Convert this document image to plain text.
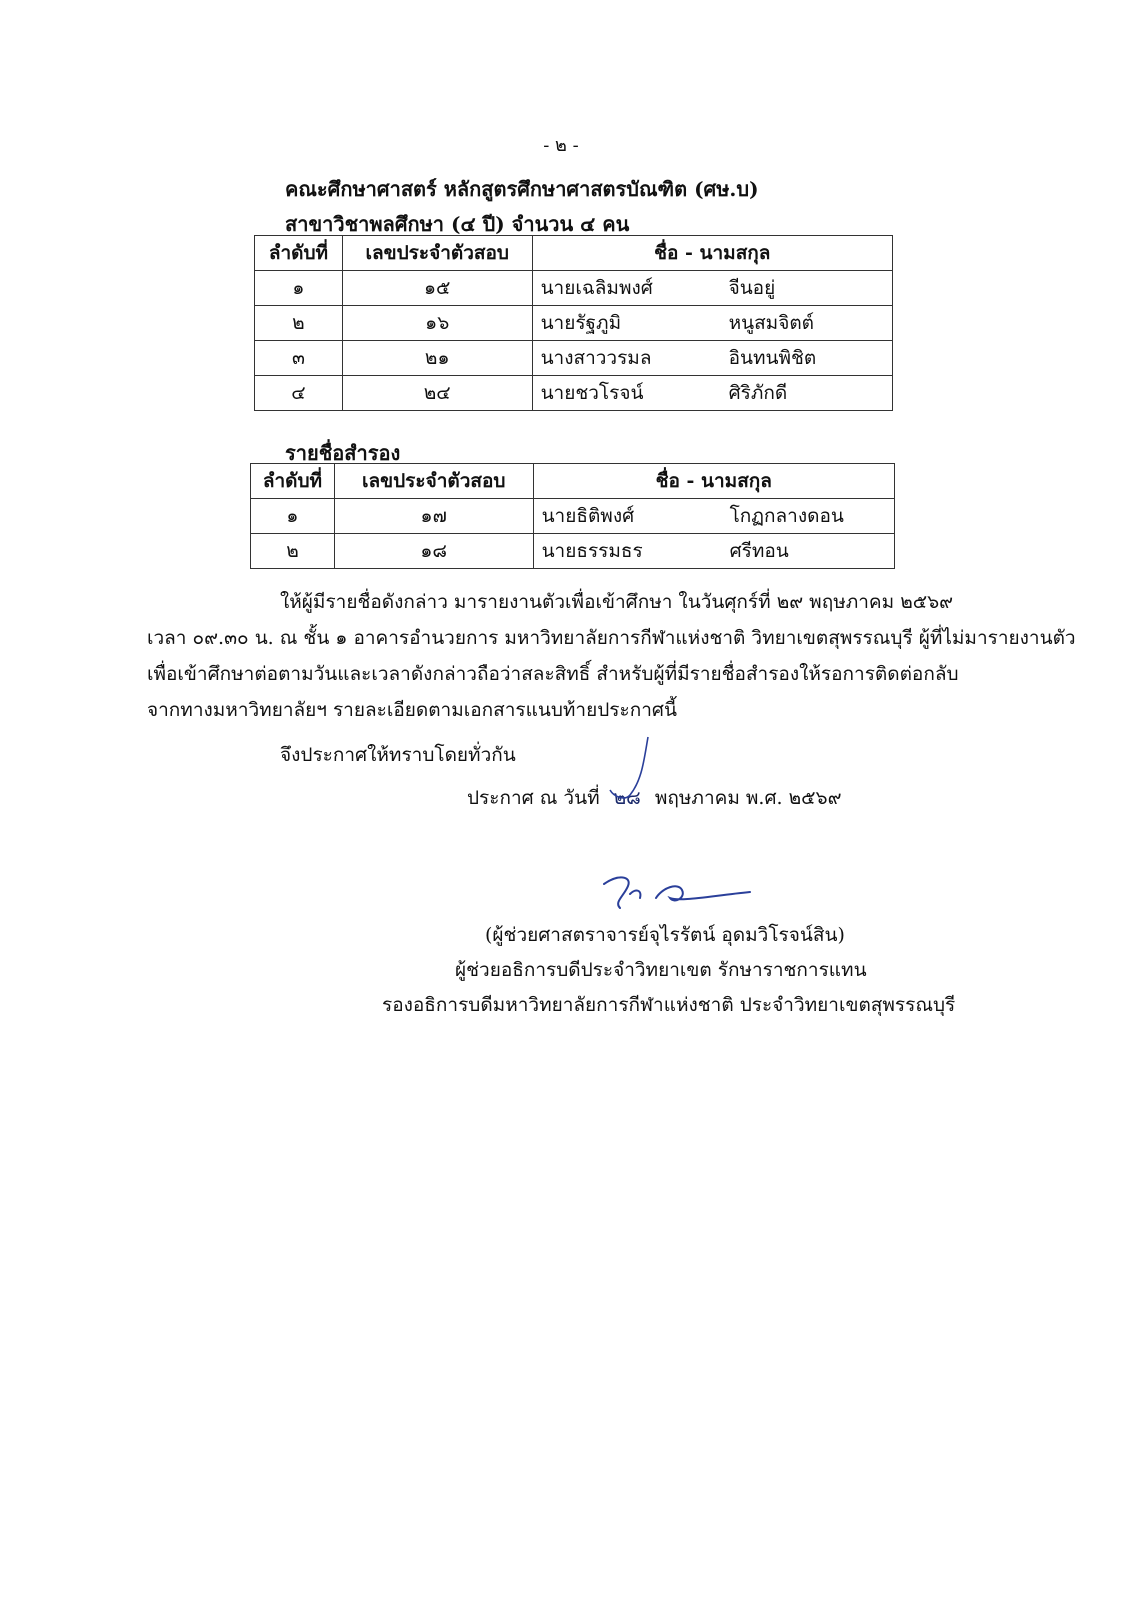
- ๒ -
คณะศึกษาศาสตร์ หลักสูตรศึกษาศาสตรบัณฑิต (ศษ.บ)
สาขาวิชาพลศึกษา (๔ ปี) จำนวน ๔ คน
ลำดับที่	เลขประจำตัวสอบ	ชื่อ - นามสกุล
๑	๑๕	นายเฉลิมพงศ์ จีนอยู่

๒	๑๖	นายรัฐภูมิ หนูสมจิตต์

๓	๒๑	นางสาววรมล อินทนพิชิต

๔	๒๔	นายชวโรจน์ ศิริภักดี
รายชื่อสำรอง
ลำดับที่	เลขประจำตัวสอบ	ชื่อ - นามสกุล
๑	๑๗	นายธิติพงศ์ โกฏกลางดอน

๒	๑๘	นายธรรมธร ศรีทอน
ให้ผู้มีรายชื่อดังกล่าว มารายงานตัวเพื่อเข้าศึกษา ในวันศุกร์ที่ ๒๙ พฤษภาคม ๒๕๖๙
เวลา ๐๙.๓๐ น. ณ ชั้น ๑ อาคารอำนวยการ มหาวิทยาลัยการกีฬาแห่งชาติ วิทยาเขตสุพรรณบุรี ผู้ที่ไม่มารายงานตัว
เพื่อเข้าศึกษาต่อตามวันและเวลาดังกล่าวถือว่าสละสิทธิ์ สำหรับผู้ที่มีรายชื่อสำรองให้รอการติดต่อกลับ
จากทางมหาวิทยาลัยฯ รายละเอียดตามเอกสารแนบท้ายประกาศนี้
จึงประกาศให้ทราบโดยทั่วกัน
ประกาศ ณ วันที่ ๒๘ พฤษภาคม พ.ศ. ๒๕๖๙
(ผู้ช่วยศาสตราจารย์จุไรรัตน์ อุดมวิโรจน์สิน)
ผู้ช่วยอธิการบดีประจำวิทยาเขต รักษาราชการแทน
รองอธิการบดีมหาวิทยาลัยการกีฬาแห่งชาติ ประจำวิทยาเขตสุพรรณบุรี
